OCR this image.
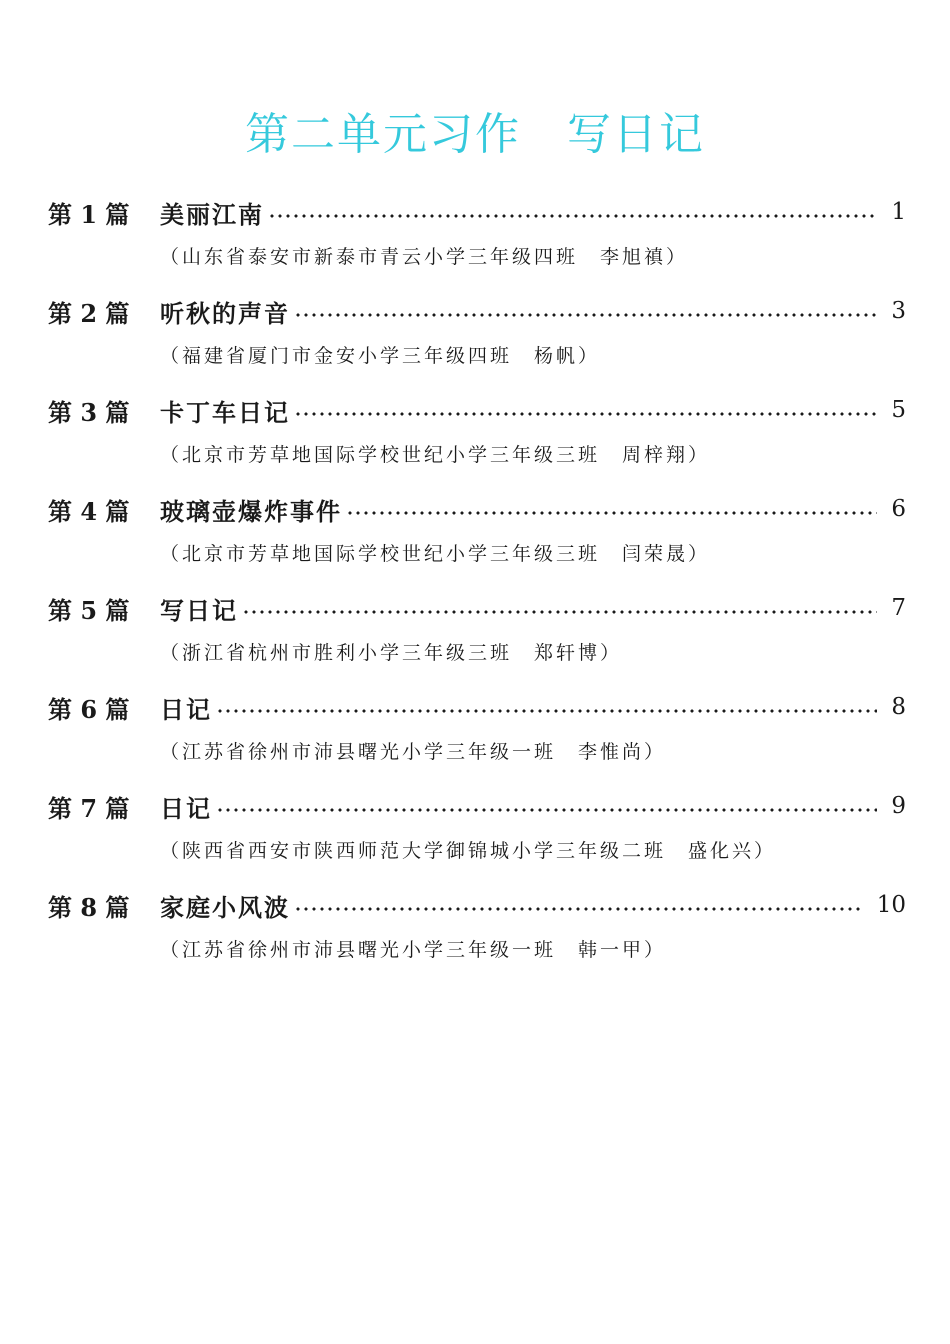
第二单元习作　写日记
第 1 篇	美丽江南	1
（山东省泰安市新泰市青云小学三年级四班　李旭禛）
第 2 篇	听秋的声音	3
（福建省厦门市金安小学三年级四班　杨帆）
第 3 篇	卡丁车日记	5
（北京市芳草地国际学校世纪小学三年级三班　周梓翔）
第 4 篇	玻璃壶爆炸事件	6
（北京市芳草地国际学校世纪小学三年级三班　闫荣晟）
第 5 篇	写日记	7
（浙江省杭州市胜利小学三年级三班　郑轩博）
第 6 篇	日记	8
（江苏省徐州市沛县曙光小学三年级一班　李惟尚）
第 7 篇	日记	9
（陕西省西安市陕西师范大学御锦城小学三年级二班　盛化兴）
第 8 篇	家庭小风波	10
（江苏省徐州市沛县曙光小学三年级一班　韩一甲）
